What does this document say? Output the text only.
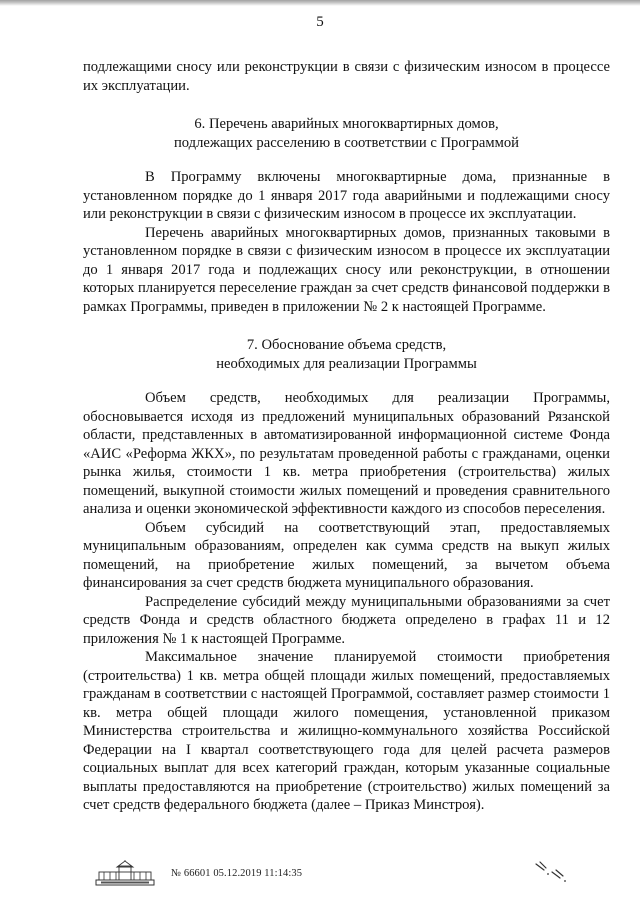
5

подлежащими сносу или реконструкции в связи с физическим износом в процессе их эксплуатации.

6. Перечень аварийных многоквартирных домов,
подлежащих расселению в соответствии с Программой

В Программу включены многоквартирные дома, признанные в установленном порядке до 1 января 2017 года аварийными и подлежащими сносу или реконструкции в связи с физическим износом в процессе их эксплуатации.

Перечень аварийных многоквартирных домов, признанных таковыми в установленном порядке в связи с физическим износом в процессе их эксплуатации до 1 января 2017 года и подлежащих сносу или реконструкции, в отношении которых планируется переселение граждан за счет средств финансовой поддержки в рамках Программы, приведен в приложении № 2 к настоящей Программе.

7. Обоснование объема средств,
необходимых для реализации Программы

Объем средств, необходимых для реализации Программы, обосновывается исходя из предложений муниципальных образований Рязанской области, представленных в автоматизированной информационной системе Фонда «АИС «Реформа ЖКХ», по результатам проведенной работы с гражданами, оценки рынка жилья, стоимости 1 кв. метра приобретения (строительства) жилых помещений, выкупной стоимости жилых помещений и проведения сравнительного анализа и оценки экономической эффективности каждого из способов переселения.

Объем субсидий на соответствующий этап, предоставляемых муниципальным образованиям, определен как сумма средств на выкуп жилых помещений, на приобретение жилых помещений, за вычетом объема финансирования за счет средств бюджета муниципального образования.

Распределение субсидий между муниципальными образованиями за счет средств Фонда и средств областного бюджета определено в графах 11 и 12 приложения № 1 к настоящей Программе.

Максимальное значение планируемой стоимости приобретения (строительства) 1 кв. метра общей площади жилых помещений, предоставляемых гражданам в соответствии с настоящей Программой, составляет размер стоимости 1 кв. метра общей площади жилого помещения, установленной приказом Министерства строительства и жилищно-коммунального хозяйства Российской Федерации на I квартал соответствующего года для целей расчета размеров социальных выплат для всех категорий граждан, которым указанные социальные выплаты предоставляются на приобретение (строительство) жилых помещений за счет средств федерального бюджета (далее – Приказ Минстроя).

№ 66601 05.12.2019 11:14:35
